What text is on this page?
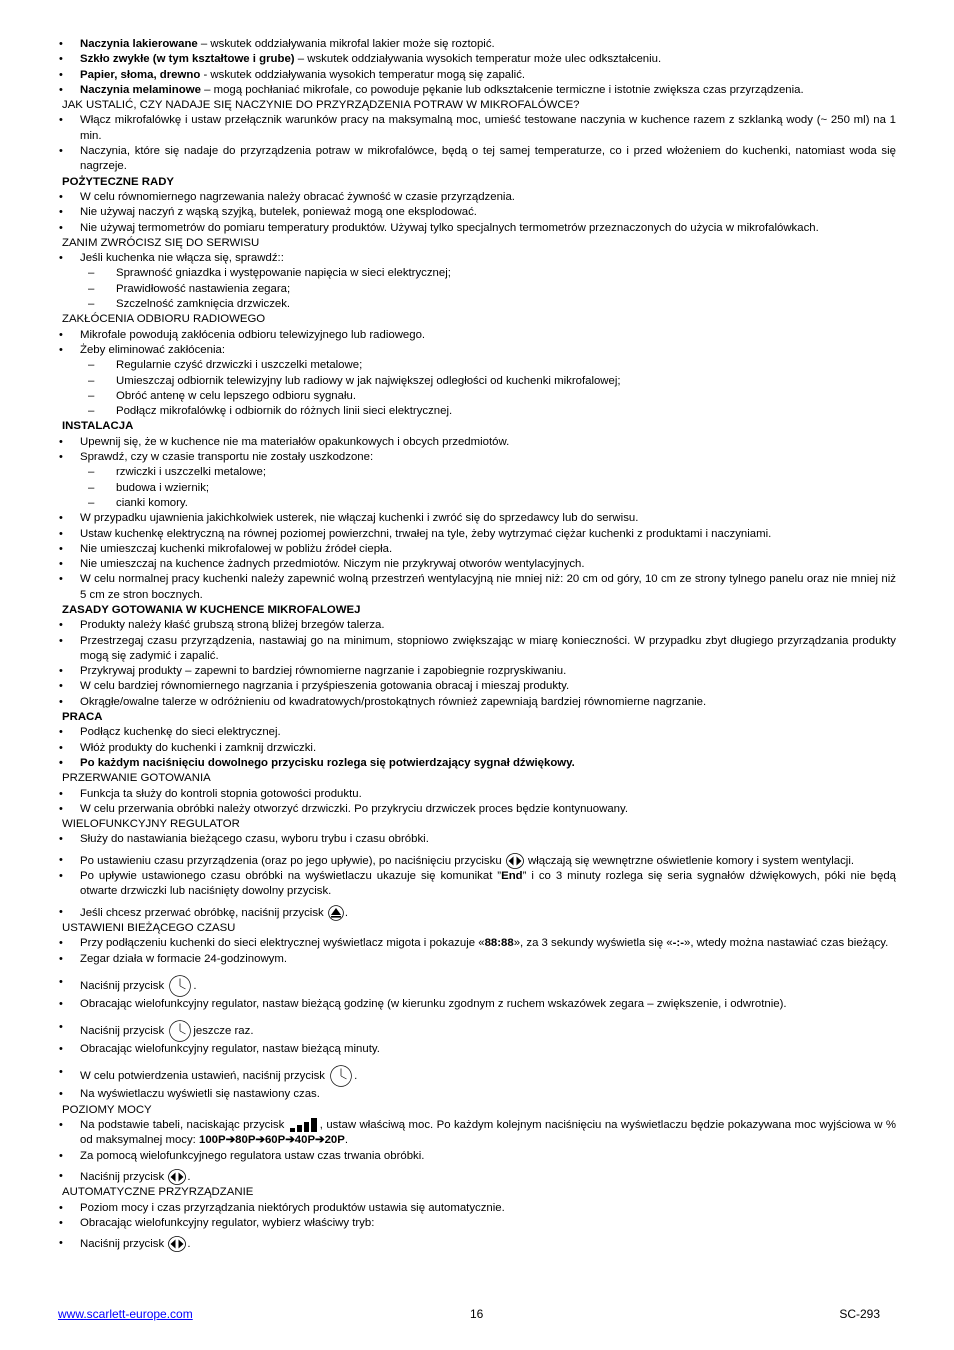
• Naczynia lakierowane – wskutek oddziaływania mikrofal lakier może się roztopić.
• Szkło zwykłe (w tym kształtowe i grube) – wskutek oddziaływania wysokich temperatur może ulec odkształceniu.
• Papier, słoma, drewno - wskutek oddziaływania wysokich temperatur mogą się zapalić.
• Naczynia melaminowe – mogą pochłaniać mikrofale, co powoduje pękanie lub odkształcenie termiczne i istotnie zwiększa czas przyrządzenia.
JAK USTALIĆ, CZY NADAJE SIĘ NACZYNIE DO PRZYRZĄDZENIA POTRAW W MIKROFALÓWCE?
• Włącz mikrofalówkę i ustaw przełącznik warunków pracy na maksymalną moc, umieść testowane naczynia w kuchence razem z szklanką wody (~ 250 ml) na 1 min.
• Naczynia, które się nadaje do przyrządzenia potraw w mikrofalówce, będą o tej samej temperaturze, co i przed włożeniem do kuchenki, natomiast woda się nagrzeje.
POŻYTECZNE RADY
• W celu równomiernego nagrzewania należy obracać żywność w czasie przyrządzenia.
• Nie używaj naczyń z wąską szyjką, butelek, ponieważ mogą one eksplodować.
• Nie używaj termometrów do pomiaru temperatury produktów. Używaj tylko specjalnych termometrów przeznaczonych do użycia w mikrofalówkach.
ZANIM ZWRÓCISZ SIĘ DO SERWISU
• Jeśli kuchenka nie włącza się, sprawdź::
– Sprawność gniazdka i występowanie napięcia w sieci elektrycznej;
– Prawidłowość nastawienia zegara;
– Szczelność zamknięcia drzwiczek.
ZAKŁÓCENIA ODBIORU RADIOWEGO
• Mikrofale powodują zakłócenia odbioru telewizyjnego lub radiowego.
• Żeby eliminować zakłócenia:
– Regularnie czyść drzwiczki i uszczelki metalowe;
– Umieszczaj odbiornik telewizyjny lub radiowy w jak największej odległości od kuchenki mikrofalowej;
– Obróć antenę w celu lepszego odbioru sygnału.
– Podłącz mikrofalówkę i odbiornik do różnych linii sieci elektrycznej.
INSTALACJA
• Upewnij się, że w kuchence nie ma materiałów opakunkowych i obcych przedmiotów.
• Sprawdź, czy w czasie transportu nie zostały uszkodzone:
– rzwiczki i uszczelki metalowe;
– budowa i wziernik;
– cianki komory.
• W przypadku ujawnienia jakichkolwiek usterek, nie włączaj kuchenki i zwróć się do sprzedawcy lub do serwisu.
• Ustaw kuchenkę elektryczną na równej poziomej powierzchni, trwałej na tyle, żeby wytrzymać ciężar kuchenki z produktami i naczyniami.
• Nie umieszczaj kuchenki mikrofalowej w pobliżu źródeł ciepła.
• Nie umieszczaj na kuchence żadnych przedmiotów. Niczym nie przykrywaj otworów wentylacyjnych.
• W celu normalnej pracy kuchenki należy zapewnić wolną przestrzeń wentylacyjną nie mniej niż: 20 cm od góry, 10 cm ze strony tylnego panelu oraz nie mniej niż 5 cm ze stron bocznych.
ZASADY GOTOWANIA W KUCHENCE MIKROFALOWEJ
• Produkty należy kłaść grubszą stroną bliżej brzegów talerza.
• Przestrzegaj czasu przyrządzenia, nastawiaj go na minimum, stopniowo zwiększając w miarę konieczności. W przypadku zbyt długiego przyrządzania produkty mogą się zadymić i zapalić.
• Przykrywaj produkty – zapewni to bardziej równomierne nagrzanie i zapobiegnie rozpryskiwaniu.
• W celu bardziej równomiernego nagrzania i przyśpieszenia gotowania obracaj i mieszaj produkty.
• Okrągłe/owalne talerze w odróżnieniu od kwadratowych/prostokątnych również zapewniają bardziej równomierne nagrzanie.
PRACA
• Podłącz kuchenkę do sieci elektrycznej.
• Włóż produkty do kuchenki i zamknij drzwiczki.
• Po każdym naciśnięciu dowolnego przycisku rozlega się potwierdzający sygnał dźwiękowy.
PRZERWANIE GOTOWANIA
• Funkcja ta służy do kontroli stopnia gotowości produktu.
• W celu przerwania obróbki należy otworzyć drzwiczki. Po przykryciu drzwiczek proces będzie kontynuowany.
WIELOFUNKCYJNY REGULATOR
• Służy do nastawiania bieżącego czasu, wyboru trybu i czasu obróbki.
• Po ustawieniu czasu przyrządzenia (oraz po jego upływie), po naciśnięciu przycisku
włączają się wewnętrzne oświetlenie komory i system wentylacji.
• Po upływie ustawionego czasu obróbki na wyświetlaczu ukazuje się komunikat ”End” i co 3 minuty rozlega się seria sygnałów dźwiękowych, póki nie będą otwarte drzwiczki lub naciśnięty dowolny przycisk.
• Jeśli chcesz przerwać obróbkę, naciśnij przycisk
.
USTAWIENI BIEŻĄCEGO CZASU
• Przy podłączeniu kuchenki do sieci elektrycznej wyświetlacz migota i pokazuje «88:88», za 3 sekundy wyświetla się «-:-», wtedy można nastawiać czas bieżący.
• Zegar działa w formacie 24-godzinowym.
• Naciśnij przycisk
.
• Obracając wielofunkcyjny regulator, nastaw bieżącą godzinę (w kierunku zgodnym z ruchem wskazówek zegara – zwiększenie, i odwrotnie).
• Naciśnij przycisk
jeszcze raz.
• Obracając wielofunkcyjny regulator, nastaw bieżącą minuty.
• W celu potwierdzenia ustawień, naciśnij przycisk
.
• Na wyświetlaczu wyświetli się nastawiony czas.
POZIOMY MOCY
• Na podstawie tabeli, naciskając przycisk	, ustaw właściwą moc. Po każdym kolejnym naciśnięciu na wyświetlaczu będzie pokazywana moc wyjściowa w % od maksymalnej mocy: 100P➔80P➔60P➔40P➔20P.
• Za pomocą wielofunkcyjnego regulatora ustaw czas trwania obróbki.
• Naciśnij przycisk
.
AUTOMATYCZNE PRZYRZĄDZANIE
• Poziom mocy i czas przyrządzania niektórych produktów ustawia się automatycznie.
• Obracając wielofunkcyjny regulator, wybierz właściwy tryb:
• Naciśnij przycisk
.
www.scarlett-europe.com	16	SC-293
